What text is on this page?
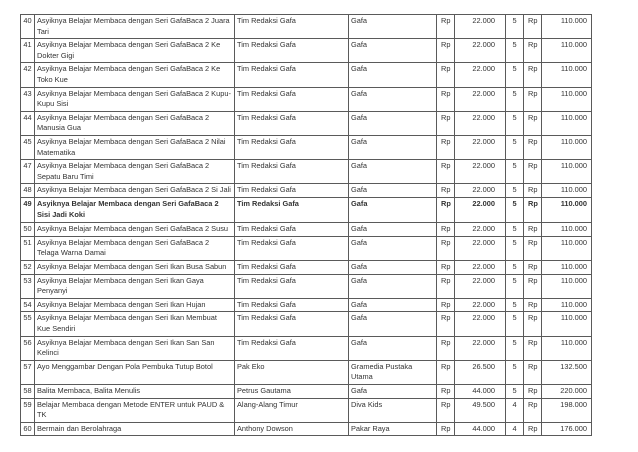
40	Asyiknya Belajar Membaca dengan Seri GafaBaca 2 Juara Tari	Tim Redaksi Gafa	Gafa	Rp	22.000	5	Rp	110.000
41	Asyiknya Belajar Membaca dengan Seri GafaBaca 2 Ke Dokter Gigi	Tim Redaksi Gafa	Gafa	Rp	22.000	5	Rp	110.000
42	Asyiknya Belajar Membaca dengan Seri GafaBaca 2 Ke Toko Kue	Tim Redaksi Gafa	Gafa	Rp	22.000	5	Rp	110.000
43	Asyiknya Belajar Membaca dengan Seri GafaBaca 2 Kupu-Kupu Sisi	Tim Redaksi Gafa	Gafa	Rp	22.000	5	Rp	110.000
44	Asyiknya Belajar Membaca dengan Seri GafaBaca 2 Manusia Gua	Tim Redaksi Gafa	Gafa	Rp	22.000	5	Rp	110.000
45	Asyiknya Belajar Membaca dengan Seri GafaBaca 2 Nilai Matematika	Tim Redaksi Gafa	Gafa	Rp	22.000	5	Rp	110.000
47	Asyiknya Belajar Membaca dengan Seri GafaBaca 2 Sepatu Baru Timi	Tim Redaksi Gafa	Gafa	Rp	22.000	5	Rp	110.000
48	Asyiknya Belajar Membaca dengan Seri GafaBaca 2 Si Jali	Tim Redaksi Gafa	Gafa	Rp	22.000	5	Rp	110.000
49	Asyiknya Belajar Membaca dengan Seri GafaBaca 2 Sisi Jadi Koki	Tim Redaksi Gafa	Gafa	Rp	22.000	5	Rp	110.000
50	Asyiknya Belajar Membaca dengan Seri GafaBaca 2 Susu	Tim Redaksi Gafa	Gafa	Rp	22.000	5	Rp	110.000
51	Asyiknya Belajar Membaca dengan Seri GafaBaca 2 Telaga Warna Damai	Tim Redaksi Gafa	Gafa	Rp	22.000	5	Rp	110.000
52	Asyiknya Belajar Membaca dengan Seri Ikan Busa Sabun	Tim Redaksi Gafa	Gafa	Rp	22.000	5	Rp	110.000
53	Asyiknya Belajar Membaca dengan Seri Ikan Gaya Penyanyi	Tim Redaksi Gafa	Gafa	Rp	22.000	5	Rp	110.000
54	Asyiknya Belajar Membaca dengan Seri Ikan Hujan	Tim Redaksi Gafa	Gafa	Rp	22.000	5	Rp	110.000
55	Asyiknya Belajar Membaca dengan Seri Ikan Membuat Kue Sendiri	Tim Redaksi Gafa	Gafa	Rp	22.000	5	Rp	110.000
56	Asyiknya Belajar Membaca dengan Seri Ikan San San Kelinci	Tim Redaksi Gafa	Gafa	Rp	22.000	5	Rp	110.000
57	Ayo Menggambar Dengan Pola Pembuka Tutup Botol	Pak Eko	Gramedia Pustaka Utama	Rp	26.500	5	Rp	132.500
58	Balita Membaca, Balita Menulis	Petrus Gautama	Gafa	Rp	44.000	5	Rp	220.000
59	Belajar Membaca dengan Metode ENTER untuk PAUD & TK	Alang-Alang Timur	Diva Kids	Rp	49.500	4	Rp	198.000
60	Bermain dan Berolahraga	Anthony Dowson	Pakar Raya	Rp	44.000	4	Rp	176.000
